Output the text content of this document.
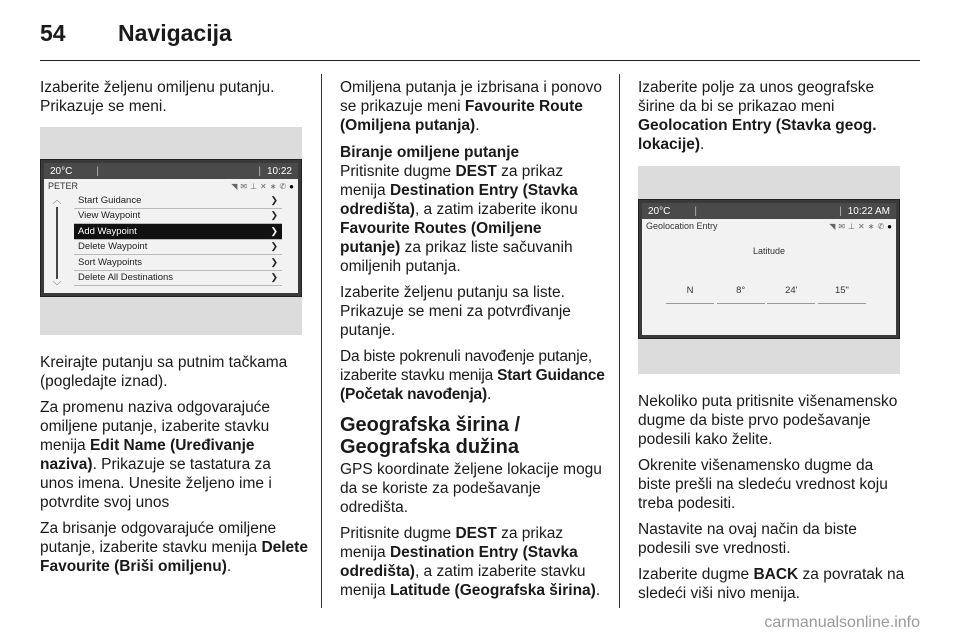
54	Navigacija

Izaberite željenu omiljenu putanju. Prikazuje se meni.

20°C |	| 10:22
PETER	◥ ✉ ⊥ ✕ ∗ ✆ ●
︿
﹀
Start Guidance	❯
View Waypoint	❯
Add Waypoint	❯
Delete Waypoint	❯
Sort Waypoints	❯
Delete All Destinations	❯

Kreirajte putanju sa putnim tačkama (pogledajte iznad).

Za promenu naziva odgovarajuće omiljene putanje, izaberite stavku menija Edit Name (Uređivanje naziva). Prikazuje se tastatura za unos imena. Unesite željeno ime i potvrdite svoj unos

Za brisanje odgovarajuće omiljene putanje, izaberite stavku menija Delete Favourite (Briši omiljenu).

Omiljena putanja je izbrisana i ponovo se prikazuje meni Favourite Route (Omiljena putanja).

Biranje omiljene putanje

Pritisnite dugme DEST za prikaz menija Destination Entry (Stavka odredišta), a zatim izaberite ikonu Favourite Routes (Omiljene putanje) za prikaz liste sačuvanih omiljenih putanja.

Izaberite željenu putanju sa liste. Prikazuje se meni za potvrđivanje putanje.

Da biste pokrenuli navođenje putanje, izaberite stavku menija Start Guidance (Početak navođenja).

Geografska širina / Geografska dužina

GPS koordinate željene lokacije mogu da se koriste za podešavanje odredišta.

Pritisnite dugme DEST za prikaz menija Destination Entry (Stavka odredišta), a zatim izaberite stavku menija Latitude (Geografska širina).

Izaberite polje za unos geografske širine da bi se prikazao meni Geolocation Entry (Stavka geog. lokacije).

20°C |	| 10:22 AM
Geolocation Entry	◥ ✉ ⊥ ✕ ∗ ✆ ●
Latitude
N	8°	24'	15"

Nekoliko puta pritisnite višenamensko dugme da biste prvo podešavanje podesili kako želite.

Okrenite višenamensko dugme da biste prešli na sledeću vrednost koju treba podesiti.

Nastavite na ovaj način da biste podesili sve vrednosti.

Izaberite dugme BACK za povratak na sledeći viši nivo menija.

carmanualsonline.info
